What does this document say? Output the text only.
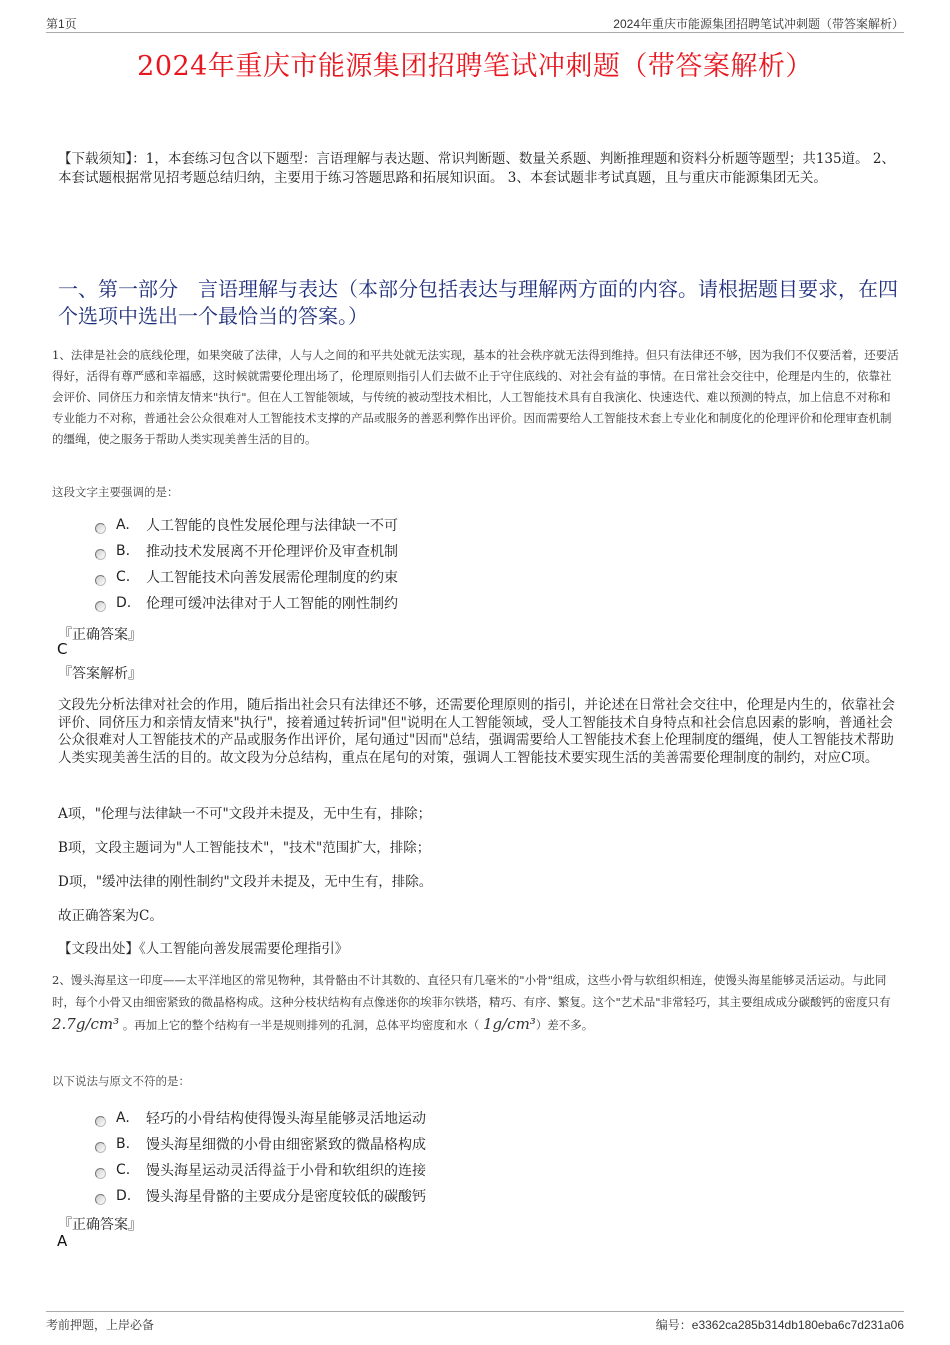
第1页	2024年重庆市能源集团招聘笔试冲刺题（带答案解析）
2024年重庆市能源集团招聘笔试冲刺题（带答案解析）
【下载须知】：1，本套练习包含以下题型：言语理解与表达题、常识判断题、数量关系题、判断推理题和资料分析题等题型；共135道。 2、本套试题根据常见招考题总结归纳，主要用于练习答题思路和拓展知识面。 3、本套试题非考试真题，且与重庆市能源集团无关。
一、第一部分　言语理解与表达（本部分包括表达与理解两方面的内容。请根据题目要求，在四个选项中选出一个最恰当的答案。）
1、法律是社会的底线伦理，如果突破了法律，人与人之间的和平共处就无法实现，基本的社会秩序就无法得到维持。但只有法律还不够，因为我们不仅要活着，还要活得好，活得有尊严感和幸福感，这时候就需要伦理出场了，伦理原则指引人们去做不止于守住底线的、对社会有益的事情。在日常社会交往中，伦理是内生的，依靠社会评价、同侪压力和亲情友情来"执行"。但在人工智能领域，与传统的被动型技术相比，人工智能技术具有自我演化、快速迭代、难以预测的特点，加上信息不对称和专业能力不对称，普通社会公众很难对人工智能技术支撑的产品或服务的善恶利弊作出评价。因而需要给人工智能技术套上专业化和制度化的伦理评价和伦理审查机制的缰绳，使之服务于帮助人类实现美善生活的目的。
这段文字主要强调的是：
A.	人工智能的良性发展伦理与法律缺一不可
B.	推动技术发展离不开伦理评价及审查机制
C.	人工智能技术向善发展需伦理制度的约束
D.	伦理可缓冲法律对于人工智能的刚性制约
『正确答案』
C
『答案解析』
文段先分析法律对社会的作用，随后指出社会只有法律还不够，还需要伦理原则的指引，并论述在日常社会交往中，伦理是内生的，依靠社会评价、同侪压力和亲情友情来"执行"，接着通过转折词"但"说明在人工智能领域，受人工智能技术自身特点和社会信息因素的影响，普通社会公众很难对人工智能技术的产品或服务作出评价，尾句通过"因而"总结，强调需要给人工智能技术套上伦理制度的缰绳，使人工智能技术帮助人类实现美善生活的目的。故文段为分总结构，重点在尾句的对策，强调人工智能技术要实现生活的美善需要伦理制度的制约，对应C项。
A项，"伦理与法律缺一不可"文段并未提及，无中生有，排除；
B项，文段主题词为"人工智能技术"，"技术"范围扩大，排除；
D项，"缓冲法律的刚性制约"文段并未提及，无中生有，排除。
故正确答案为C。
【文段出处】《人工智能向善发展需要伦理指引》
2、馒头海星这一印度——太平洋地区的常见物种，其骨骼由不计其数的、直径只有几毫米的"小骨"组成，这些小骨与软组织相连，使馒头海星能够灵活运动。与此同时，每个小骨又由细密紧致的微晶格构成。这种分枝状结构有点像迷你的埃菲尔铁塔，精巧、有序、繁复。这个"艺术品"非常轻巧，其主要组成成分碳酸钙的密度只有 2.7g/cm³ 。再加上它的整个结构有一半是规则排列的孔洞，总体平均密度和水（ 1g/cm³）差不多。
以下说法与原文不符的是：
A.	轻巧的小骨结构使得馒头海星能够灵活地运动
B.	馒头海星细微的小骨由细密紧致的微晶格构成
C.	馒头海星运动灵活得益于小骨和软组织的连接
D.	馒头海星骨骼的主要成分是密度较低的碳酸钙
『正确答案』
A
考前押题，上岸必备	编号：e3362ca285b314db180eba6c7d231a06
